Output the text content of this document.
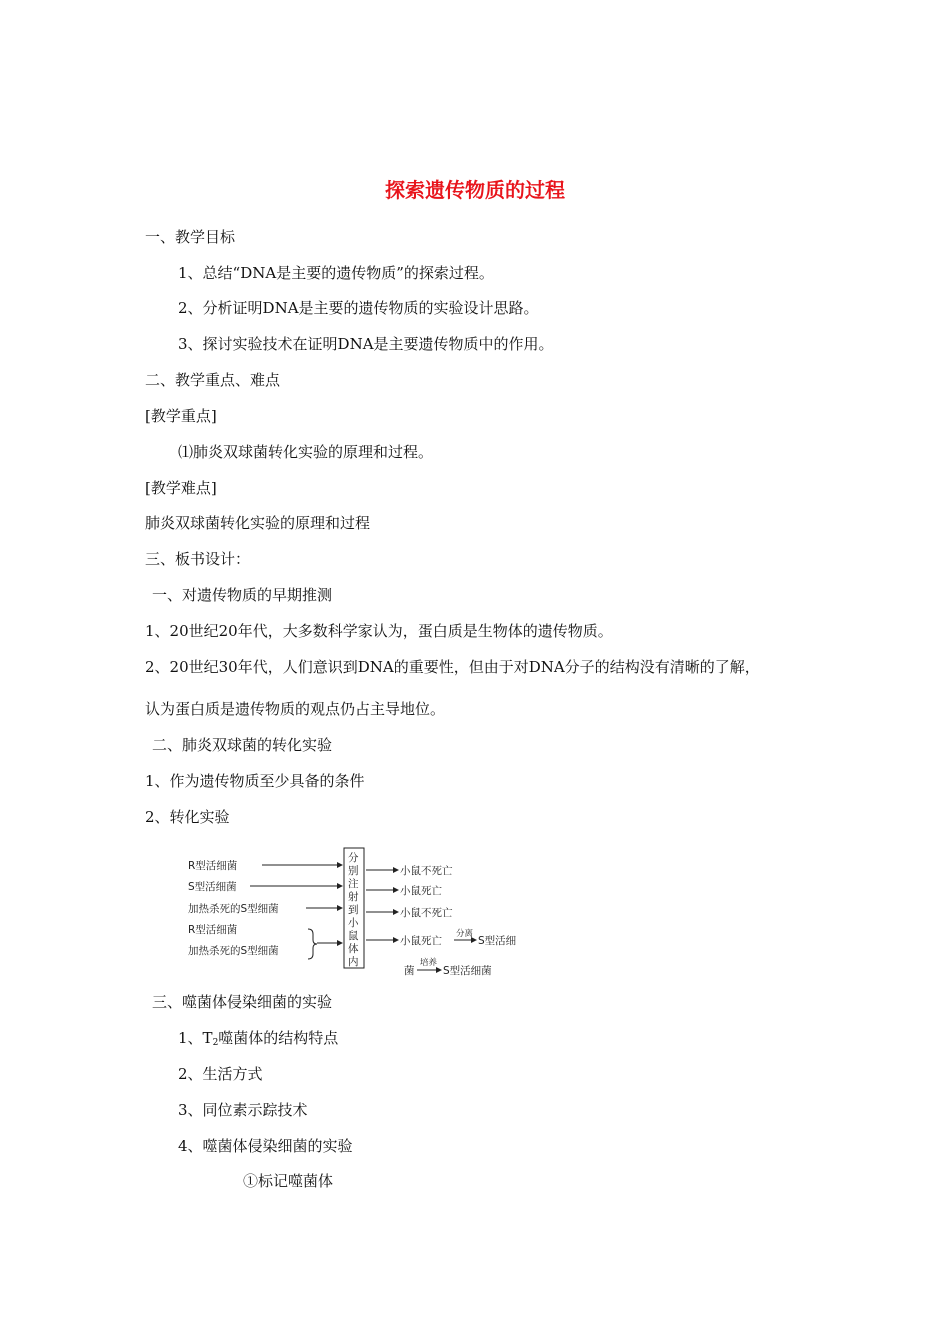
探索遗传物质的过程
一、教学目标
1、总结“DNA是主要的遗传物质”的探索过程。
2、分析证明DNA是主要的遗传物质的实验设计思路。
3、探讨实验技术在证明DNA是主要遗传物质中的作用。
二、教学重点、难点
[教学重点]
⑴肺炎双球菌转化实验的原理和过程。
[教学难点]
肺炎双球菌转化实验的原理和过程
三、板书设计：
一、对遗传物质的早期推测
1、20世纪20年代，大多数科学家认为，蛋白质是生物体的遗传物质。
2、20世纪30年代，人们意识到DNA的重要性，但由于对DNA分子的结构没有清晰的了解，
认为蛋白质是遗传物质的观点仍占主导地位。
二、肺炎双球菌的转化实验
1、作为遗传物质至少具备的条件
2、转化实验
R型活细菌
S型活细菌
加热杀死的S型细菌
R型活细菌
加热杀死的S型细菌
分
别
注
射
到
小
鼠
体
内
小鼠不死亡
小鼠死亡
小鼠不死亡
小鼠死亡
分离
S型活细
菌
培养
S型活细菌
三、噬菌体侵染细菌的实验
1、$T_2$噬菌体的结构特点
2、生活方式
3、同位素示踪技术
4、噬菌体侵染细菌的实验
①标记噬菌体
